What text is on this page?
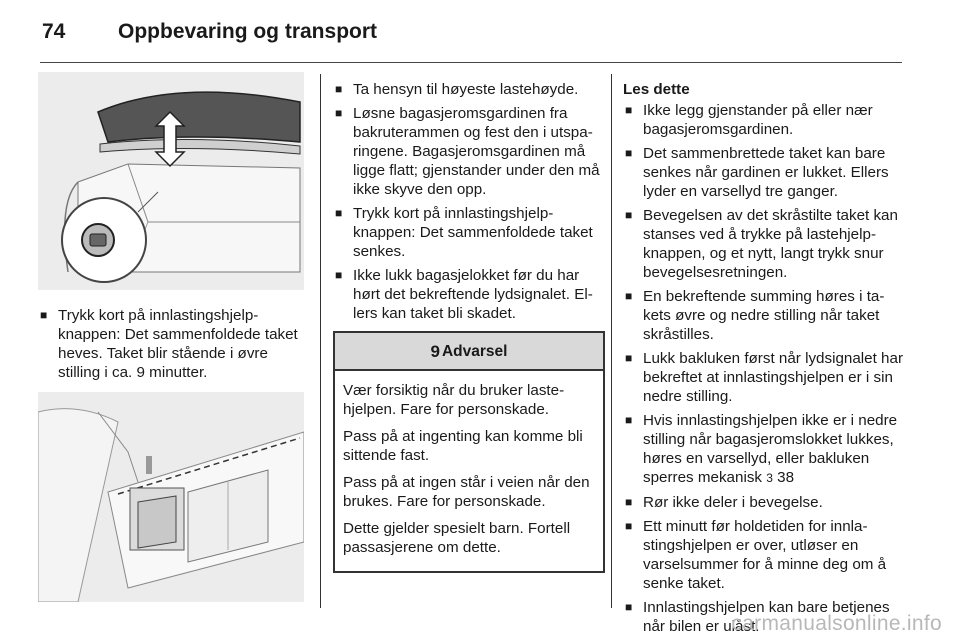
74	Oppbevaring og transport
■ Trykk kort på innlastingshjelpknappen: Det sammenfoldede taket heves. Taket blir stående i øvre stilling i ca. 9 minutter.
■ Ta hensyn til høyeste lastehøyde.
■ Løsne bagasjeromsgardinen fra bakruterammen og fest den i utsparingene. Bagasjeromsgardinen må ligge flatt; gjenstander under den må ikke skyve den opp.
■ Trykk kort på innlastingshjelpknappen: Det sammenfoldede taket senkes.
■ Ikke lukk bagasjelokket før du har hørt det bekreftende lydsignalet. Ellers kan taket bli skadet.
9 Advarsel

Vær forsiktig når du bruker lastehjelpen. Fare for personskade.

Pass på at ingenting kan komme bli sittende fast.

Pass på at ingen står i veien når den brukes. Fare for personskade.

Dette gjelder spesielt barn. Fortell passasjerene om dette.

Les dette
■ Ikke legg gjenstander på eller nær bagasjeromsgardinen.
■ Det sammenbrettede taket kan bare senkes når gardinen er lukket. Ellers lyder en varsellyd tre ganger.
■ Bevegelsen av det skråstilte taket kan stanses ved å trykke på lastehjelp-knappen, og et nytt, langt trykk snur bevegelsesretningen.
■ En bekreftende summing høres i takets øvre og nedre stilling når taket skråstilles.
■ Lukk bakluken først når lydsignalet har bekreftet at innlastingshjelpen er i sin nedre stilling.
■ Hvis innlastingshjelpen ikke er i nedre stilling når bagasjeromslokket lukkes, høres en varsellyd, eller bakluken sperres mekanisk 3 38
■ Rør ikke deler i bevegelse.
■ Ett minutt før holdetiden for innlastingshjelpen er over, utløser en varselsummer for å minne deg om å senke taket.
■ Innlastingshjelpen kan bare betjenes når bilen er ulåst.
carmanualsonline.info
